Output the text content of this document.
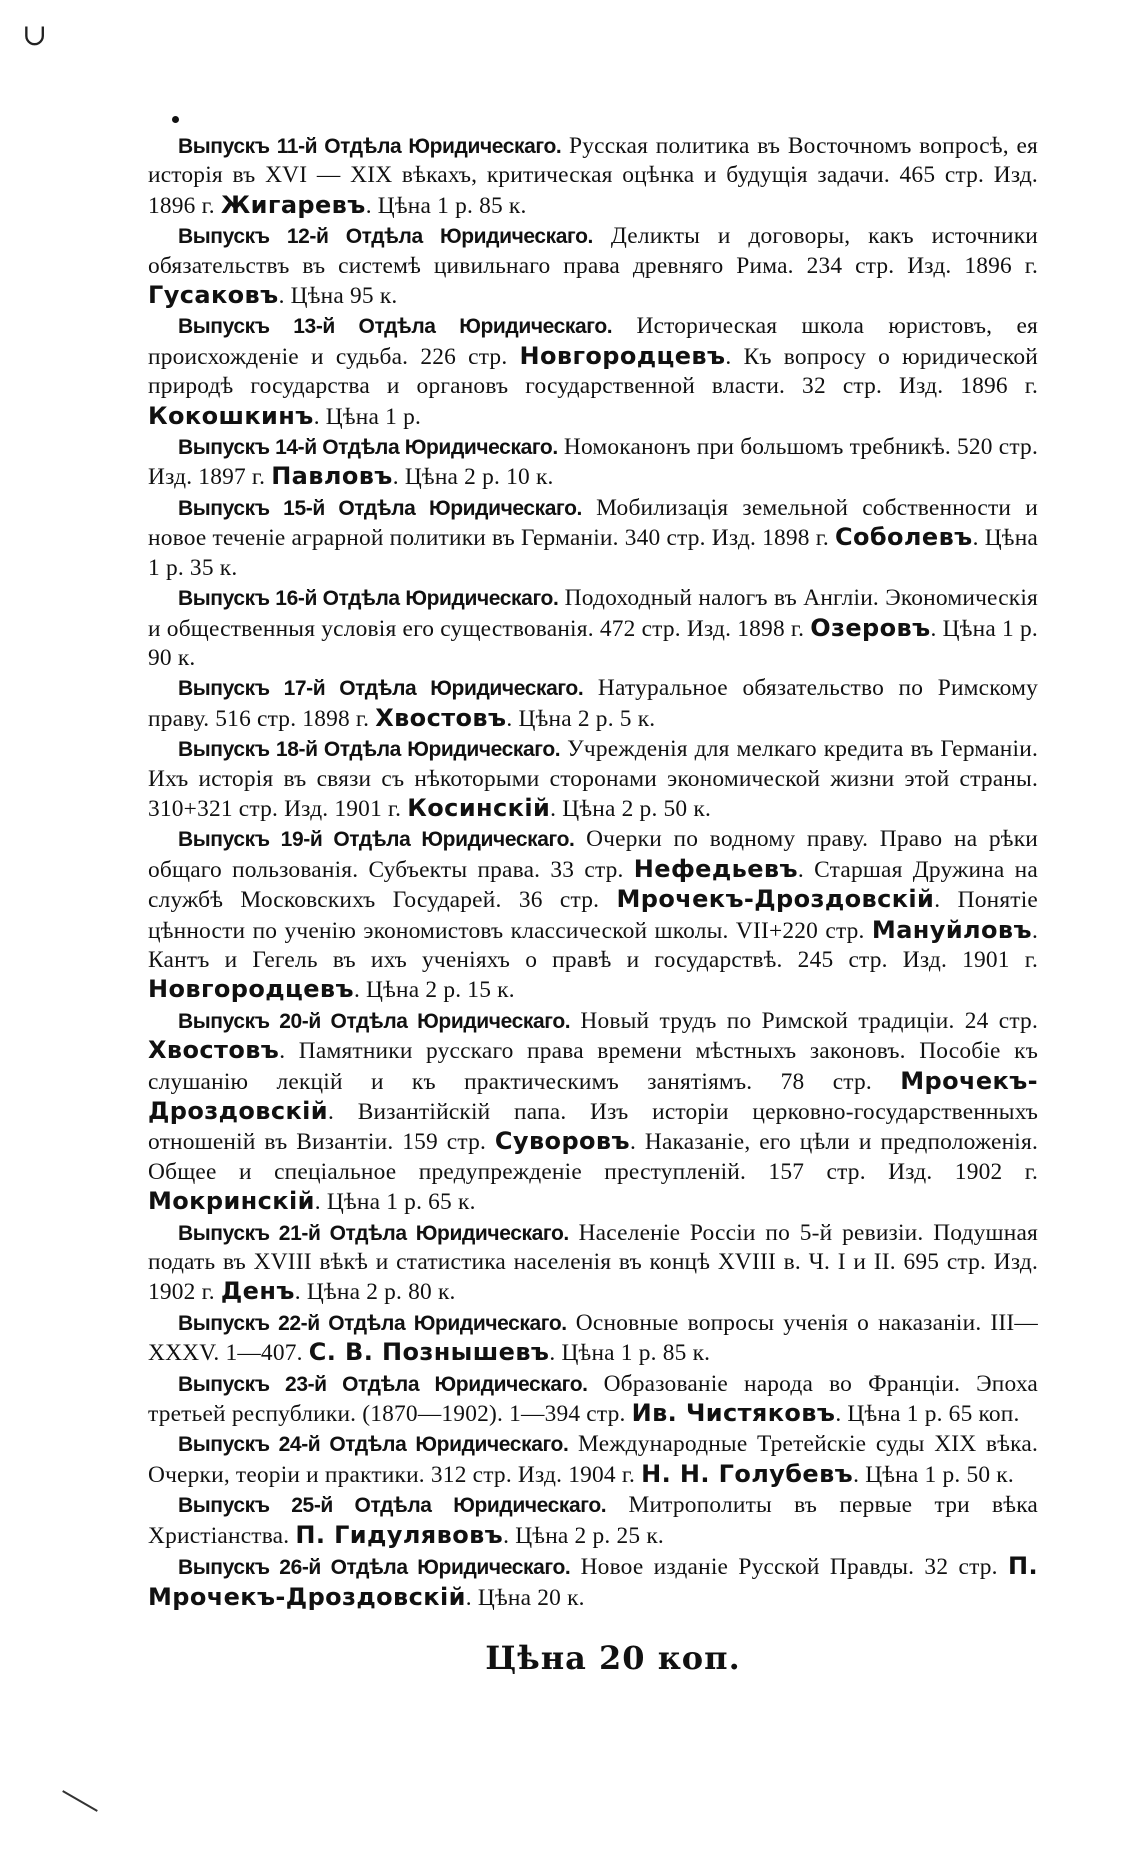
∪

Выпускъ 11-й Отдѣла Юридическаго. Русская политика въ Восточномъ вопросѣ, ея исторія въ XVI — XIX вѣкахъ, критическая оцѣнка и будущія задачи. 465 стр. Изд. 1896 г. Жигаревъ. Цѣна 1 р. 85 к.

Выпускъ 12-й Отдѣла Юридическаго. Деликты и договоры, какъ источники обязательствъ въ системѣ цивильнаго права древняго Рима. 234 стр. Изд. 1896 г. Гусаковъ. Цѣна 95 к.

Выпускъ 13-й Отдѣла Юридическаго. Историческая школа юристовъ, ея происхожденіе и судьба. 226 стр. Новгородцевъ. Къ вопросу о юридической природѣ государства и органовъ государственной власти. 32 стр. Изд. 1896 г. Кокошкинъ. Цѣна 1 р.

Выпускъ 14-й Отдѣла Юридическаго. Номоканонъ при большомъ требникѣ. 520 стр. Изд. 1897 г. Павловъ. Цѣна 2 р. 10 к.

Выпускъ 15-й Отдѣла Юридическаго. Мобилизація земельной собственности и новое теченіе аграрной политики въ Германіи. 340 стр. Изд. 1898 г. Соболевъ. Цѣна 1 р. 35 к.

Выпускъ 16-й Отдѣла Юридическаго. Подоходный налогъ въ Англіи. Экономическія и общественныя условія его существованія. 472 стр. Изд. 1898 г. Озеровъ. Цѣна 1 р. 90 к.

Выпускъ 17-й Отдѣла Юридическаго. Натуральное обязательство по Римскому праву. 516 стр. 1898 г. Хвостовъ. Цѣна 2 р. 5 к.

Выпускъ 18-й Отдѣла Юридическаго. Учрежденія для мелкаго кредита въ Германіи. Ихъ исторія въ связи съ нѣкоторыми сторонами экономической жизни этой страны. 310+321 стр. Изд. 1901 г. Косинскій. Цѣна 2 р. 50 к.

Выпускъ 19-й Отдѣла Юридическаго. Очерки по водному праву. Право на рѣки общаго пользованія. Субъекты права. 33 стр. Нефедьевъ. Старшая Дружина на службѣ Московскихъ Государей. 36 стр. Мрочекъ-Дроздовскій. Понятіе цѣнности по ученію экономистовъ классической школы. VII+220 стр. Мануйловъ. Кантъ и Гегель въ ихъ ученіяхъ о правѣ и государствѣ. 245 стр. Изд. 1901 г. Новгородцевъ. Цѣна 2 р. 15 к.

Выпускъ 20-й Отдѣла Юридическаго. Новый трудъ по Римской традиціи. 24 стр. Хвостовъ. Памятники русскаго права времени мѣстныхъ законовъ. Пособіе къ слушанію лекцій и къ практическимъ занятіямъ. 78 стр. Мрочекъ-Дроздовскій. Византійскій папа. Изъ исторіи церковно-государственныхъ отношеній въ Византіи. 159 стр. Суворовъ. Наказаніе, его цѣли и предположенія. Общее и спеціальное предупрежденіе преступленій. 157 стр. Изд. 1902 г. Мокринскій. Цѣна 1 р. 65 к.

Выпускъ 21-й Отдѣла Юридическаго. Населеніе Россіи по 5-й ревизіи. Подушная подать въ XVIII вѣкѣ и статистика населенія въ концѣ XVIII в. Ч. I и II. 695 стр. Изд. 1902 г. Денъ. Цѣна 2 р. 80 к.

Выпускъ 22-й Отдѣла Юридическаго. Основные вопросы ученія о наказаніи. III—XXXV. 1—407. С. В. Познышевъ. Цѣна 1 р. 85 к.

Выпускъ 23-й Отдѣла Юридическаго. Образованіе народа во Франціи. Эпоха третьей республики. (1870—1902). 1—394 стр. Ив. Чистяковъ. Цѣна 1 р. 65 коп.

Выпускъ 24-й Отдѣла Юридическаго. Международные Третейскіе суды XIX вѣка. Очерки, теоріи и практики. 312 стр. Изд. 1904 г. Н. Н. Голубевъ. Цѣна 1 р. 50 к.

Выпускъ 25-й Отдѣла Юридическаго. Митрополиты въ первые три вѣка Христіанства. П. Гидулявовъ. Цѣна 2 р. 25 к.

Выпускъ 26-й Отдѣла Юридическаго. Новое изданіе Русской Правды. 32 стр. П. Мрочекъ-Дроздовскій. Цѣна 20 к.

Цѣна 20 коп.
